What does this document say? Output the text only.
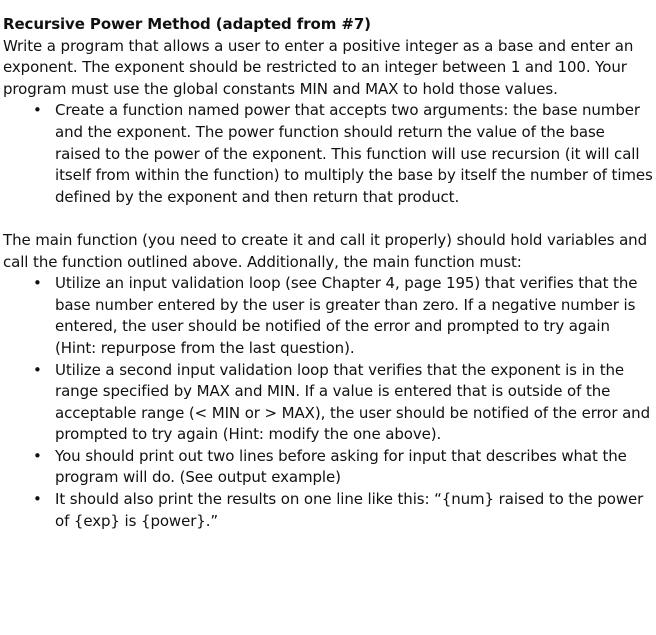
Recursive Power Method (adapted from #7)

Write a program that allows a user to enter a positive integer as a base and enter an exponent. The exponent should be restricted to an integer between 1 and 100. Your program must use the global constants MIN and MAX to hold those values.

• Create a function named power that accepts two arguments: the base number and the exponent. The power function should return the value of the base raised to the power of the exponent. This function will use recursion (it will call itself from within the function) to multiply the base by itself the number of times defined by the exponent and then return that product.

The main function (you need to create it and call it properly) should hold variables and call the function outlined above. Additionally, the main function must:

• Utilize an input validation loop (see Chapter 4, page 195) that verifies that the base number entered by the user is greater than zero. If a negative number is entered, the user should be notified of the error and prompted to try again (Hint: repurpose from the last question).
• Utilize a second input validation loop that verifies that the exponent is in the range specified by MAX and MIN. If a value is entered that is outside of the acceptable range (< MIN or > MAX), the user should be notified of the error and prompted to try again (Hint: modify the one above).
• You should print out two lines before asking for input that describes what the program will do. (See output example)
• It should also print the results on one line like this: “{num} raised to the power of {exp} is {power}.”
